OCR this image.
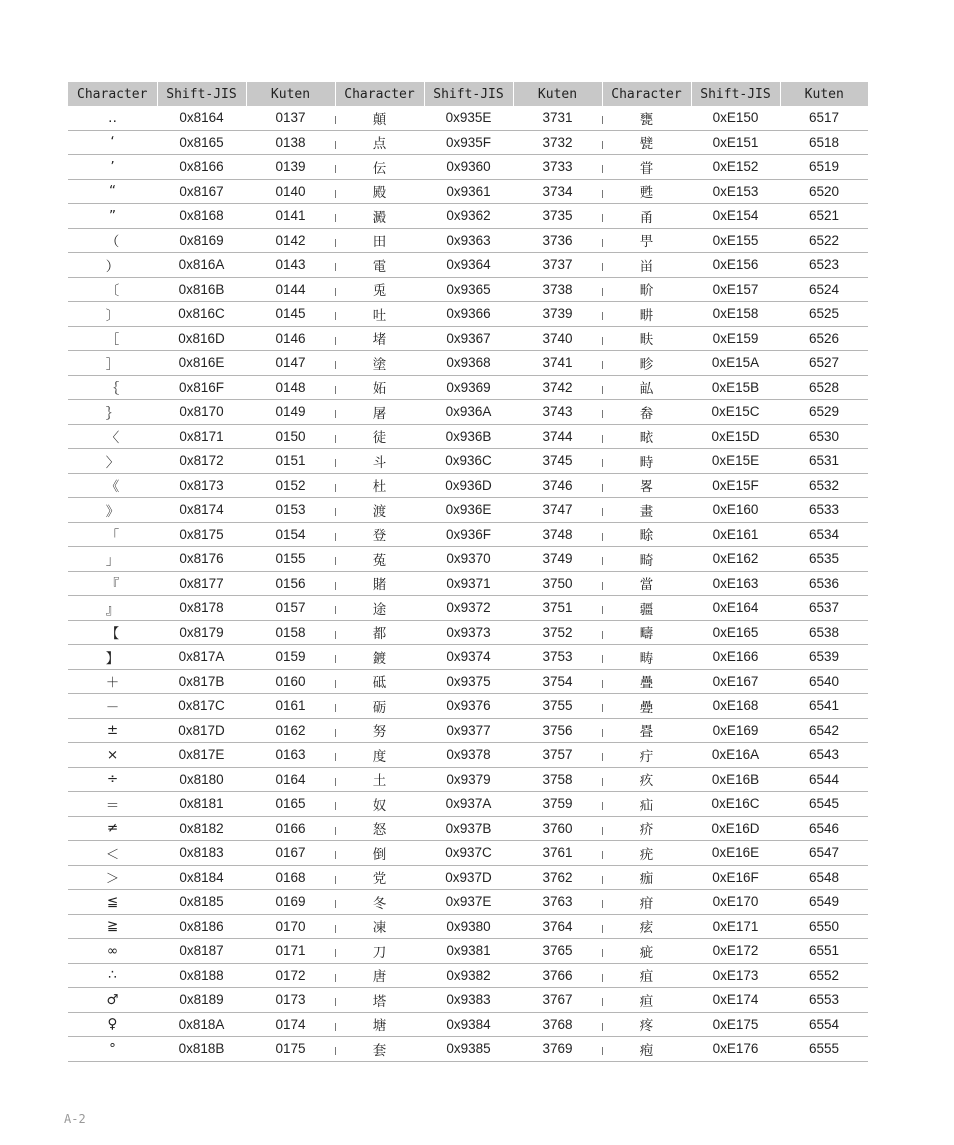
Character	Shift-JIS	Kuten	Character	Shift-JIS	Kuten	Character	Shift-JIS	Kuten
‥	0x8164	0137	顛	0x935E	3731	甕	0xE150	6517
‘	0x8165	0138	点	0x935F	3732	甓	0xE151	6518
’	0x8166	0139	伝	0x9360	3733	甞	0xE152	6519
“	0x8167	0140	殿	0x9361	3734	甦	0xE153	6520
”	0x8168	0141	澱	0x9362	3735	甬	0xE154	6521
（	0x8169	0142	田	0x9363	3736	甼	0xE155	6522
）	0x816A	0143	電	0x9364	3737	畄	0xE156	6523
〔	0x816B	0144	兎	0x9365	3738	畍	0xE157	6524
〕	0x816C	0145	吐	0x9366	3739	畊	0xE158	6525
［	0x816D	0146	堵	0x9367	3740	畉	0xE159	6526
］	0x816E	0147	塗	0x9368	3741	畛	0xE15A	6527
｛	0x816F	0148	妬	0x9369	3742	畆	0xE15B	6528
｝	0x8170	0149	屠	0x936A	3743	畚	0xE15C	6529
〈	0x8171	0150	徒	0x936B	3744	畩	0xE15D	6530
〉	0x8172	0151	斗	0x936C	3745	畤	0xE15E	6531
《	0x8173	0152	杜	0x936D	3746	畧	0xE15F	6532
》	0x8174	0153	渡	0x936E	3747	畫	0xE160	6533
「	0x8175	0154	登	0x936F	3748	畭	0xE161	6534
」	0x8176	0155	菟	0x9370	3749	畸	0xE162	6535
『	0x8177	0156	賭	0x9371	3750	當	0xE163	6536
』	0x8178	0157	途	0x9372	3751	疆	0xE164	6537
【	0x8179	0158	都	0x9373	3752	疇	0xE165	6538
】	0x817A	0159	鍍	0x9374	3753	畴	0xE166	6539
＋	0x817B	0160	砥	0x9375	3754	疊	0xE167	6540
－	0x817C	0161	砺	0x9376	3755	疉	0xE168	6541
±	0x817D	0162	努	0x9377	3756	疂	0xE169	6542
×	0x817E	0163	度	0x9378	3757	疔	0xE16A	6543
÷	0x8180	0164	土	0x9379	3758	疚	0xE16B	6544
＝	0x8181	0165	奴	0x937A	3759	疝	0xE16C	6545
≠	0x8182	0166	怒	0x937B	3760	疥	0xE16D	6546
＜	0x8183	0167	倒	0x937C	3761	疣	0xE16E	6547
＞	0x8184	0168	党	0x937D	3762	痂	0xE16F	6548
≦	0x8185	0169	冬	0x937E	3763	疳	0xE170	6549
≧	0x8186	0170	凍	0x9380	3764	痃	0xE171	6550
∞	0x8187	0171	刀	0x9381	3765	疵	0xE172	6551
∴	0x8188	0172	唐	0x9382	3766	疽	0xE173	6552
♂	0x8189	0173	塔	0x9383	3767	疸	0xE174	6553
♀	0x818A	0174	塘	0x9384	3768	疼	0xE175	6554
°	0x818B	0175	套	0x9385	3769	疱	0xE176	6555
A-2
